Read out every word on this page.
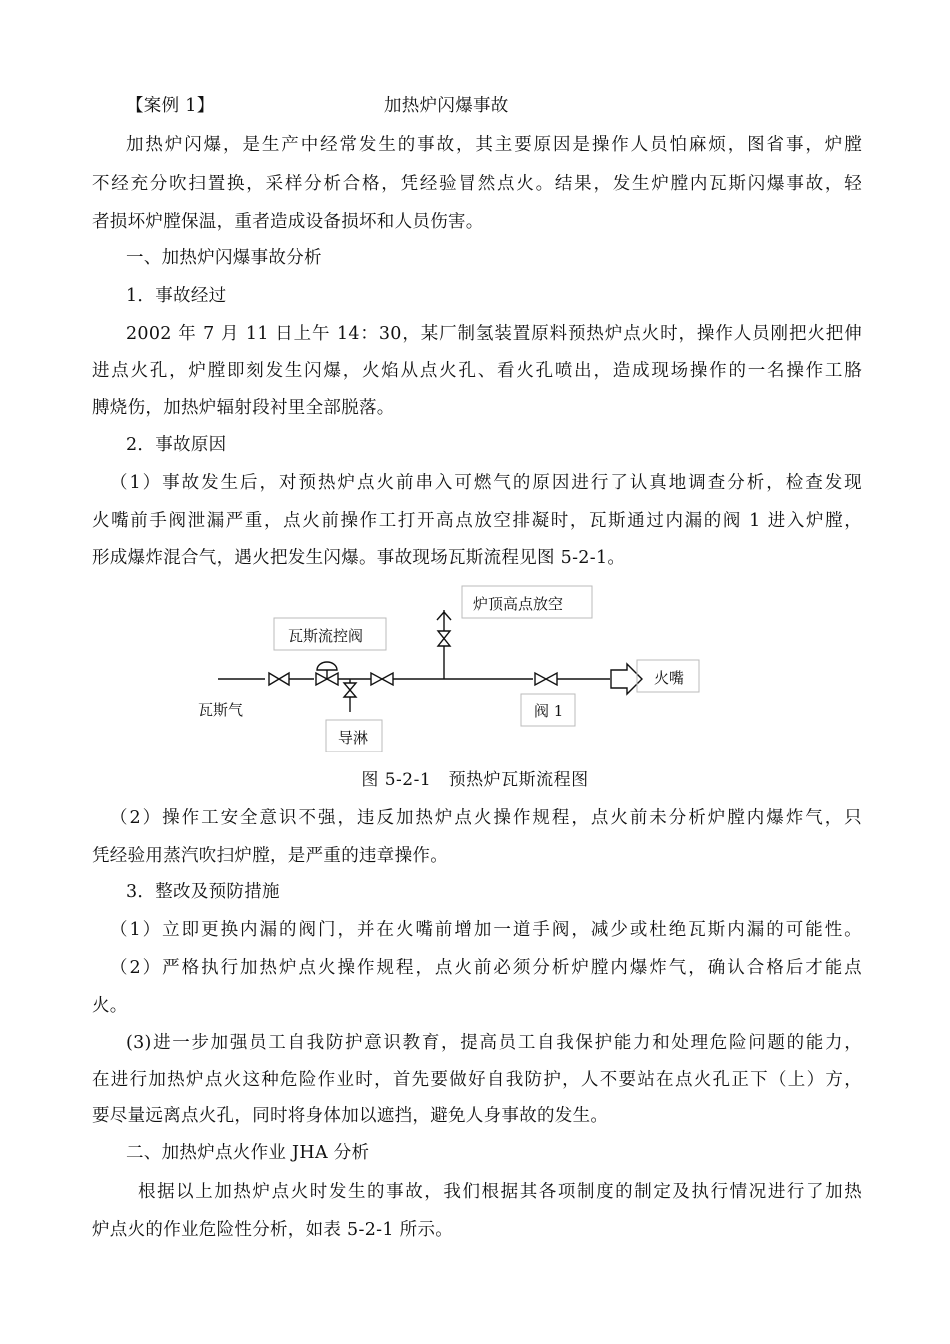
【案例 1】	加热炉闪爆事故
加热炉闪爆，是生产中经常发生的事故，其主要原因是操作人员怕麻烦，图省事，炉膛
不经充分吹扫置换，采样分析合格，凭经验冒然点火。结果，发生炉膛内瓦斯闪爆事故，轻
者损坏炉膛保温，重者造成设备损坏和人员伤害。
一、加热炉闪爆事故分析
1．事故经过
2002 年 7 月 11 日上午 14：30，某厂制氢装置原料预热炉点火时，操作人员刚把火把伸
进点火孔，炉膛即刻发生闪爆，火焰从点火孔、看火孔喷出，造成现场操作的一名操作工胳
膊烧伤，加热炉辐射段衬里全部脱落。
2．事故原因
（1）事故发生后，对预热炉点火前串入可燃气的原因进行了认真地调查分析，检查发现
火嘴前手阀泄漏严重，点火前操作工打开高点放空排凝时，瓦斯通过内漏的阀 1 进入炉膛，
形成爆炸混合气，遇火把发生闪爆。事故现场瓦斯流程见图 5-2-1。
瓦斯流控阀
炉顶高点放空
火嘴
瓦斯气	阀 1
导淋
图 5-2-1　预热炉瓦斯流程图
（2）操作工安全意识不强，违反加热炉点火操作规程，点火前未分析炉膛内爆炸气，只
凭经验用蒸汽吹扫炉膛，是严重的违章操作。
3．整改及预防措施
（1）立即更换内漏的阀门，并在火嘴前增加一道手阀，减少或杜绝瓦斯内漏的可能性。
（2）严格执行加热炉点火操作规程，点火前必须分析炉膛内爆炸气，确认合格后才能点
火。
(3)进一步加强员工自我防护意识教育，提高员工自我保护能力和处理危险问题的能力，
在进行加热炉点火这种危险作业时，首先要做好自我防护，人不要站在点火孔正下（上）方，
要尽量远离点火孔，同时将身体加以遮挡，避免人身事故的发生。
二、加热炉点火作业 JHA 分析
根据以上加热炉点火时发生的事故，我们根据其各项制度的制定及执行情况进行了加热
炉点火的作业危险性分析，如表 5-2-1 所示。
